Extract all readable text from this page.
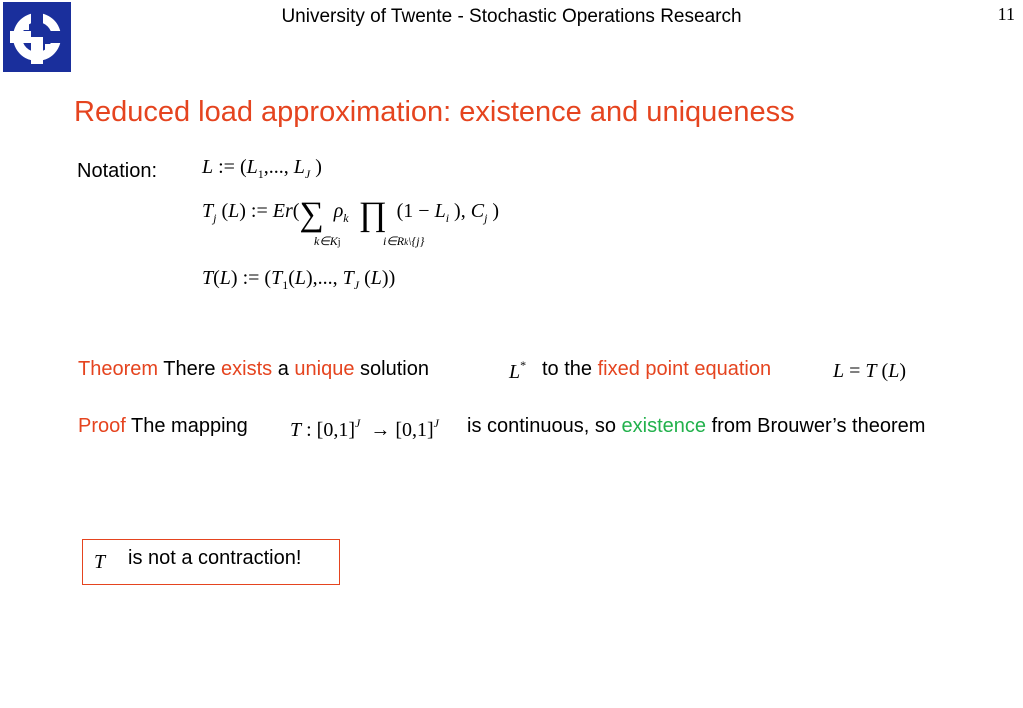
University of Twente - Stochastic Operations Research	11
Reduced load approximation: existence and uniqueness
Notation: L := ($L_1$,..., $L_J$ )
$T_j$ (L) := Er(∑ $\rho_k$ ∏  ($1 - L_i$ ), $C_j$ )
k∈Kj	i∈Rk\{j}
T(L) := ($T_1(L)$,..., $T_J$ (L))
Theorem There exists a unique solution	L* to the fixed point equation	L = T (L)
Proof The mapping T : $[0,1]^J \to [0,1]^J$ is continuous, so existence from Brouwer’s theorem
T is not a contraction!
